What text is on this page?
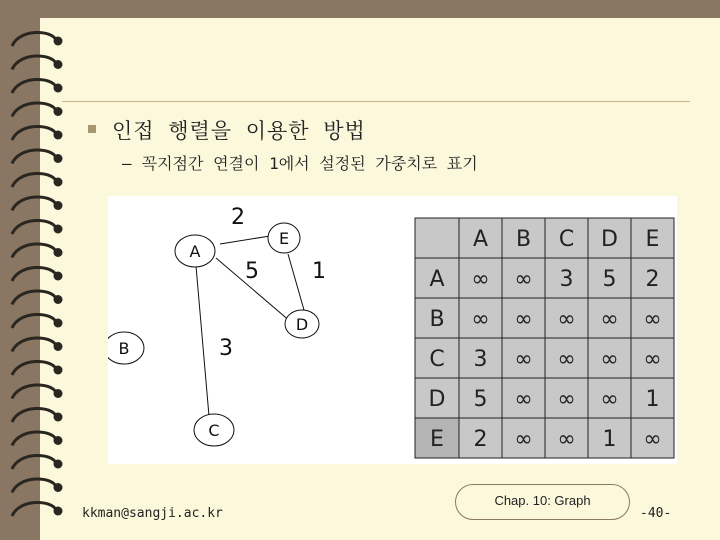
인접 행렬을 이용한 방법
– 꼭지점간 연결이 1에서 설정된 가중치로 표기
A
E
D
B
C
2
5 1
3
A B C D E
A ∞ ∞ 3 5 2
B ∞ ∞ ∞ ∞ ∞
C 3 ∞ ∞ ∞ ∞
D 5 ∞ ∞ ∞ 1
E 2 ∞ ∞ 1 ∞
kkman@sangji.ac.kr
Chap. 10: Graph
-40-
